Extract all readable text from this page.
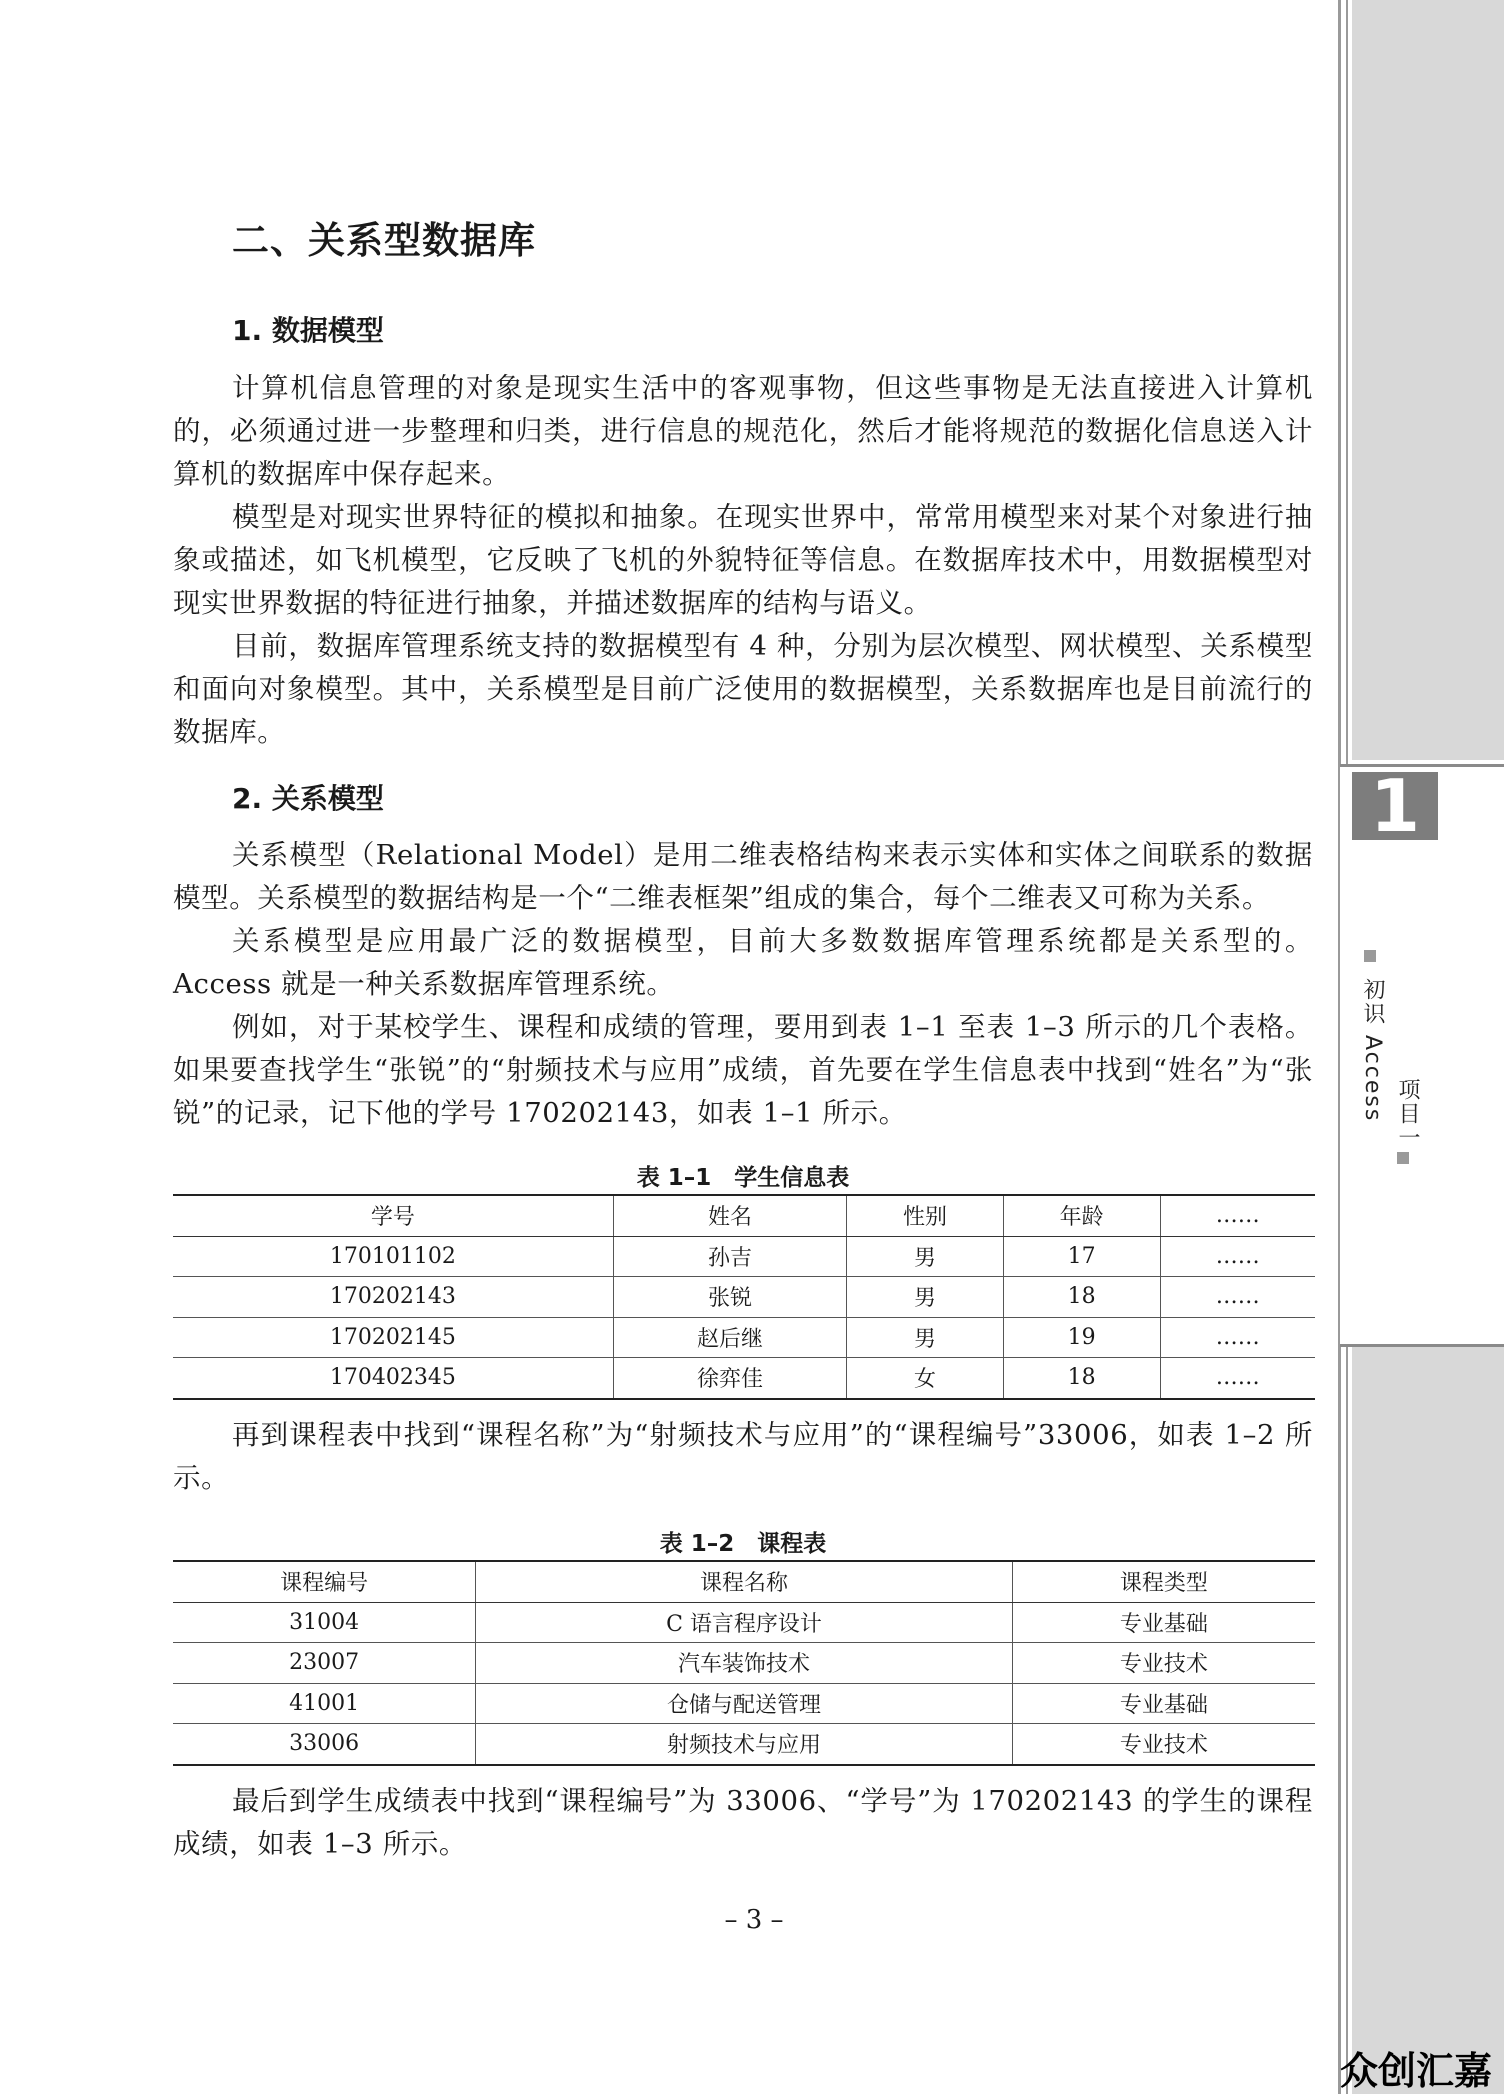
二、关系型数据库
1. 数据模型

计算机信息管理的对象是现实生活中的客观事物，但这些事物是无法直接进入计算机的，必须通过进一步整理和归类，进行信息的规范化，然后才能将规范的数据化信息送入计算机的数据库中保存起来。

模型是对现实世界特征的模拟和抽象。在现实世界中，常常用模型来对某个对象进行抽象或描述，如飞机模型，它反映了飞机的外貌特征等信息。在数据库技术中，用数据模型对现实世界数据的特征进行抽象，并描述数据库的结构与语义。

目前，数据库管理系统支持的数据模型有 4 种，分别为层次模型、网状模型、关系模型和面向对象模型。其中，关系模型是目前广泛使用的数据模型，关系数据库也是目前流行的数据库。

2. 关系模型

关系模型（Relational Model）是用二维表格结构来表示实体和实体之间联系的数据模型。关系模型的数据结构是一个“二维表框架”组成的集合，每个二维表又可称为关系。

关系模型是应用最广泛的数据模型，目前大多数数据库管理系统都是关系型的。Access 就是一种关系数据库管理系统。

例如，对于某校学生、课程和成绩的管理，要用到表 1–1 至表 1–3 所示的几个表格。如果要查找学生“张锐”的“射频技术与应用”成绩，首先要在学生信息表中找到“姓名”为“张锐”的记录，记下他的学号 170202143，如表 1–1 所示。

表 1–1　学生信息表

学号	姓名	性别	年龄	……
170101102	孙吉	男	17	……
170202143	张锐	男	18	……
170202145	赵后继	男	19	……
170402345	徐弈佳	女	18	……

再到课程表中找到“课程名称”为“射频技术与应用”的“课程编号”33006，如表 1–2 所示。

表 1–2　课程表

课程编号	课程名称	课程类型
31004	C 语言程序设计	专业基础
23007	汽车装饰技术	专业技术
41001	仓储与配送管理	专业基础
33006	射频技术与应用	专业技术

最后到学生成绩表中找到“课程编号”为 33006、“学号”为 170202143 的学生的课程成绩，如表 1–3 所示。

– 3 –
1
初识 Access 项目一
众创汇嘉
